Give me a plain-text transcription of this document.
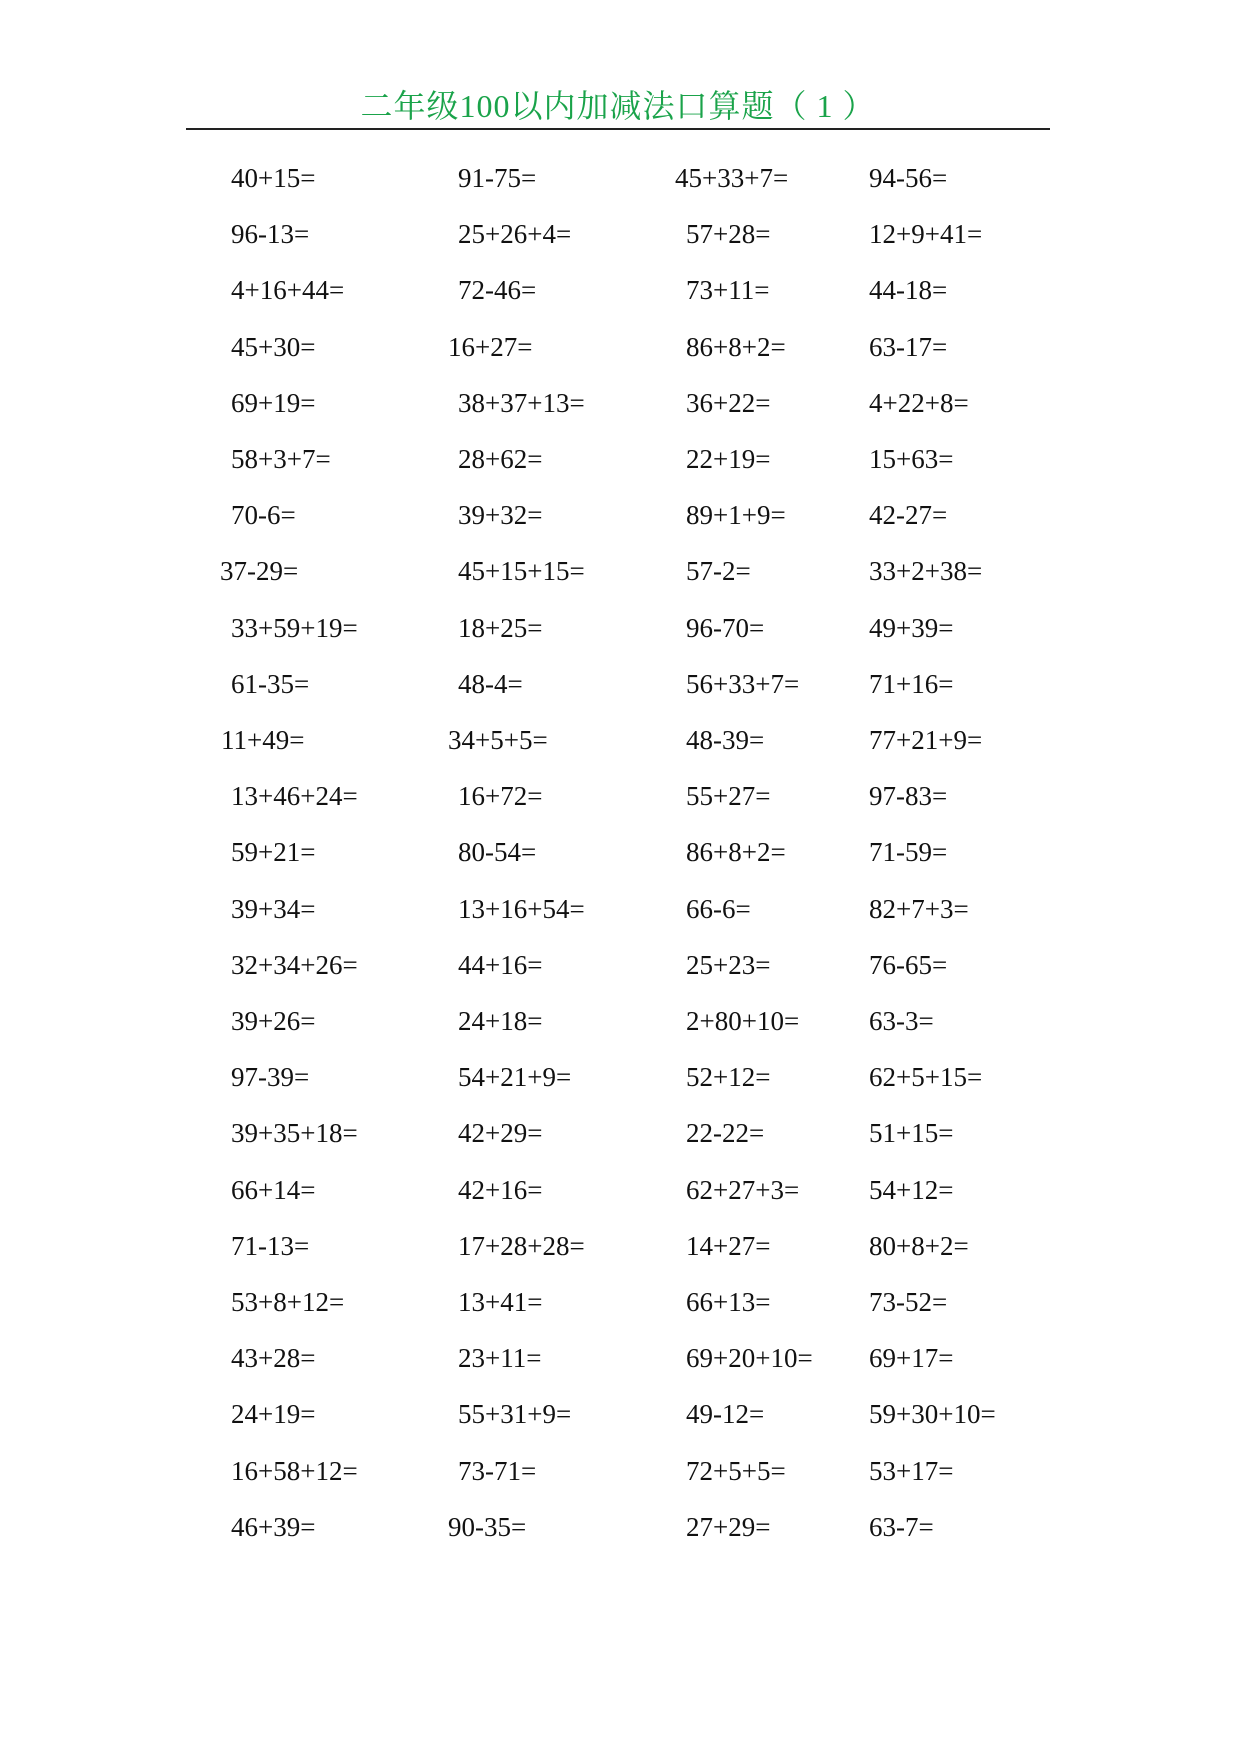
二年级100以内加减法口算题（ 1 ）
40+15=	91-75=	45+33+7=	94-56=
96-13=	25+26+4=	57+28=	12+9+41=
4+16+44=	72-46=	73+11=	44-18=
45+30=	16+27=	86+8+2=	63-17=
69+19=	38+37+13=	36+22=	4+22+8=
58+3+7=	28+62=	22+19=	15+63=
70-6=	39+32=	89+1+9=	42-27=
37-29=	45+15+15=	57-2=	33+2+38=
33+59+19=	18+25=	96-70=	49+39=
61-35=	48-4=	56+33+7=	71+16=
11+49=	34+5+5=	48-39=	77+21+9=
13+46+24=	16+72=	55+27=	97-83=
59+21=	80-54=	86+8+2=	71-59=
39+34=	13+16+54=	66-6=	82+7+3=
32+34+26=	44+16=	25+23=	76-65=
39+26=	24+18=	2+80+10=	63-3=
97-39=	54+21+9=	52+12=	62+5+15=
39+35+18=	42+29=	22-22=	51+15=
66+14=	42+16=	62+27+3=	54+12=
71-13=	17+28+28=	14+27=	80+8+2=
53+8+12=	13+41=	66+13=	73-52=
43+28=	23+11=	69+20+10= 69+17=
24+19=	55+31+9=	49-12=	59+30+10=
16+58+12=	73-71=	72+5+5=	53+17=
46+39=	90-35=	27+29=	63-7=
